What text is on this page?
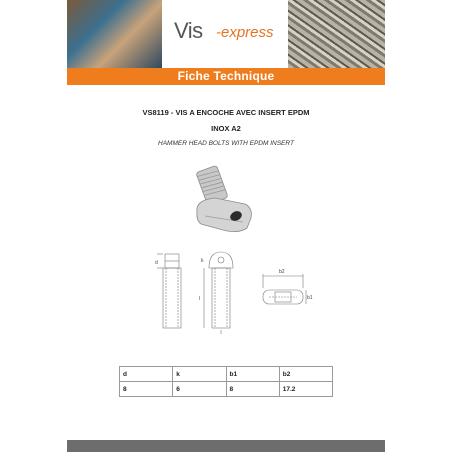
Vis -express
Fiche Technique
VS8119 - VIS A ENCOCHE AVEC INSERT EPDM
INOX A2
HAMMER HEAD BOLTS WITH EPDM INSERT
d	k
l
b2
b1
d	k	b1	b2
8	6	8	17.2
